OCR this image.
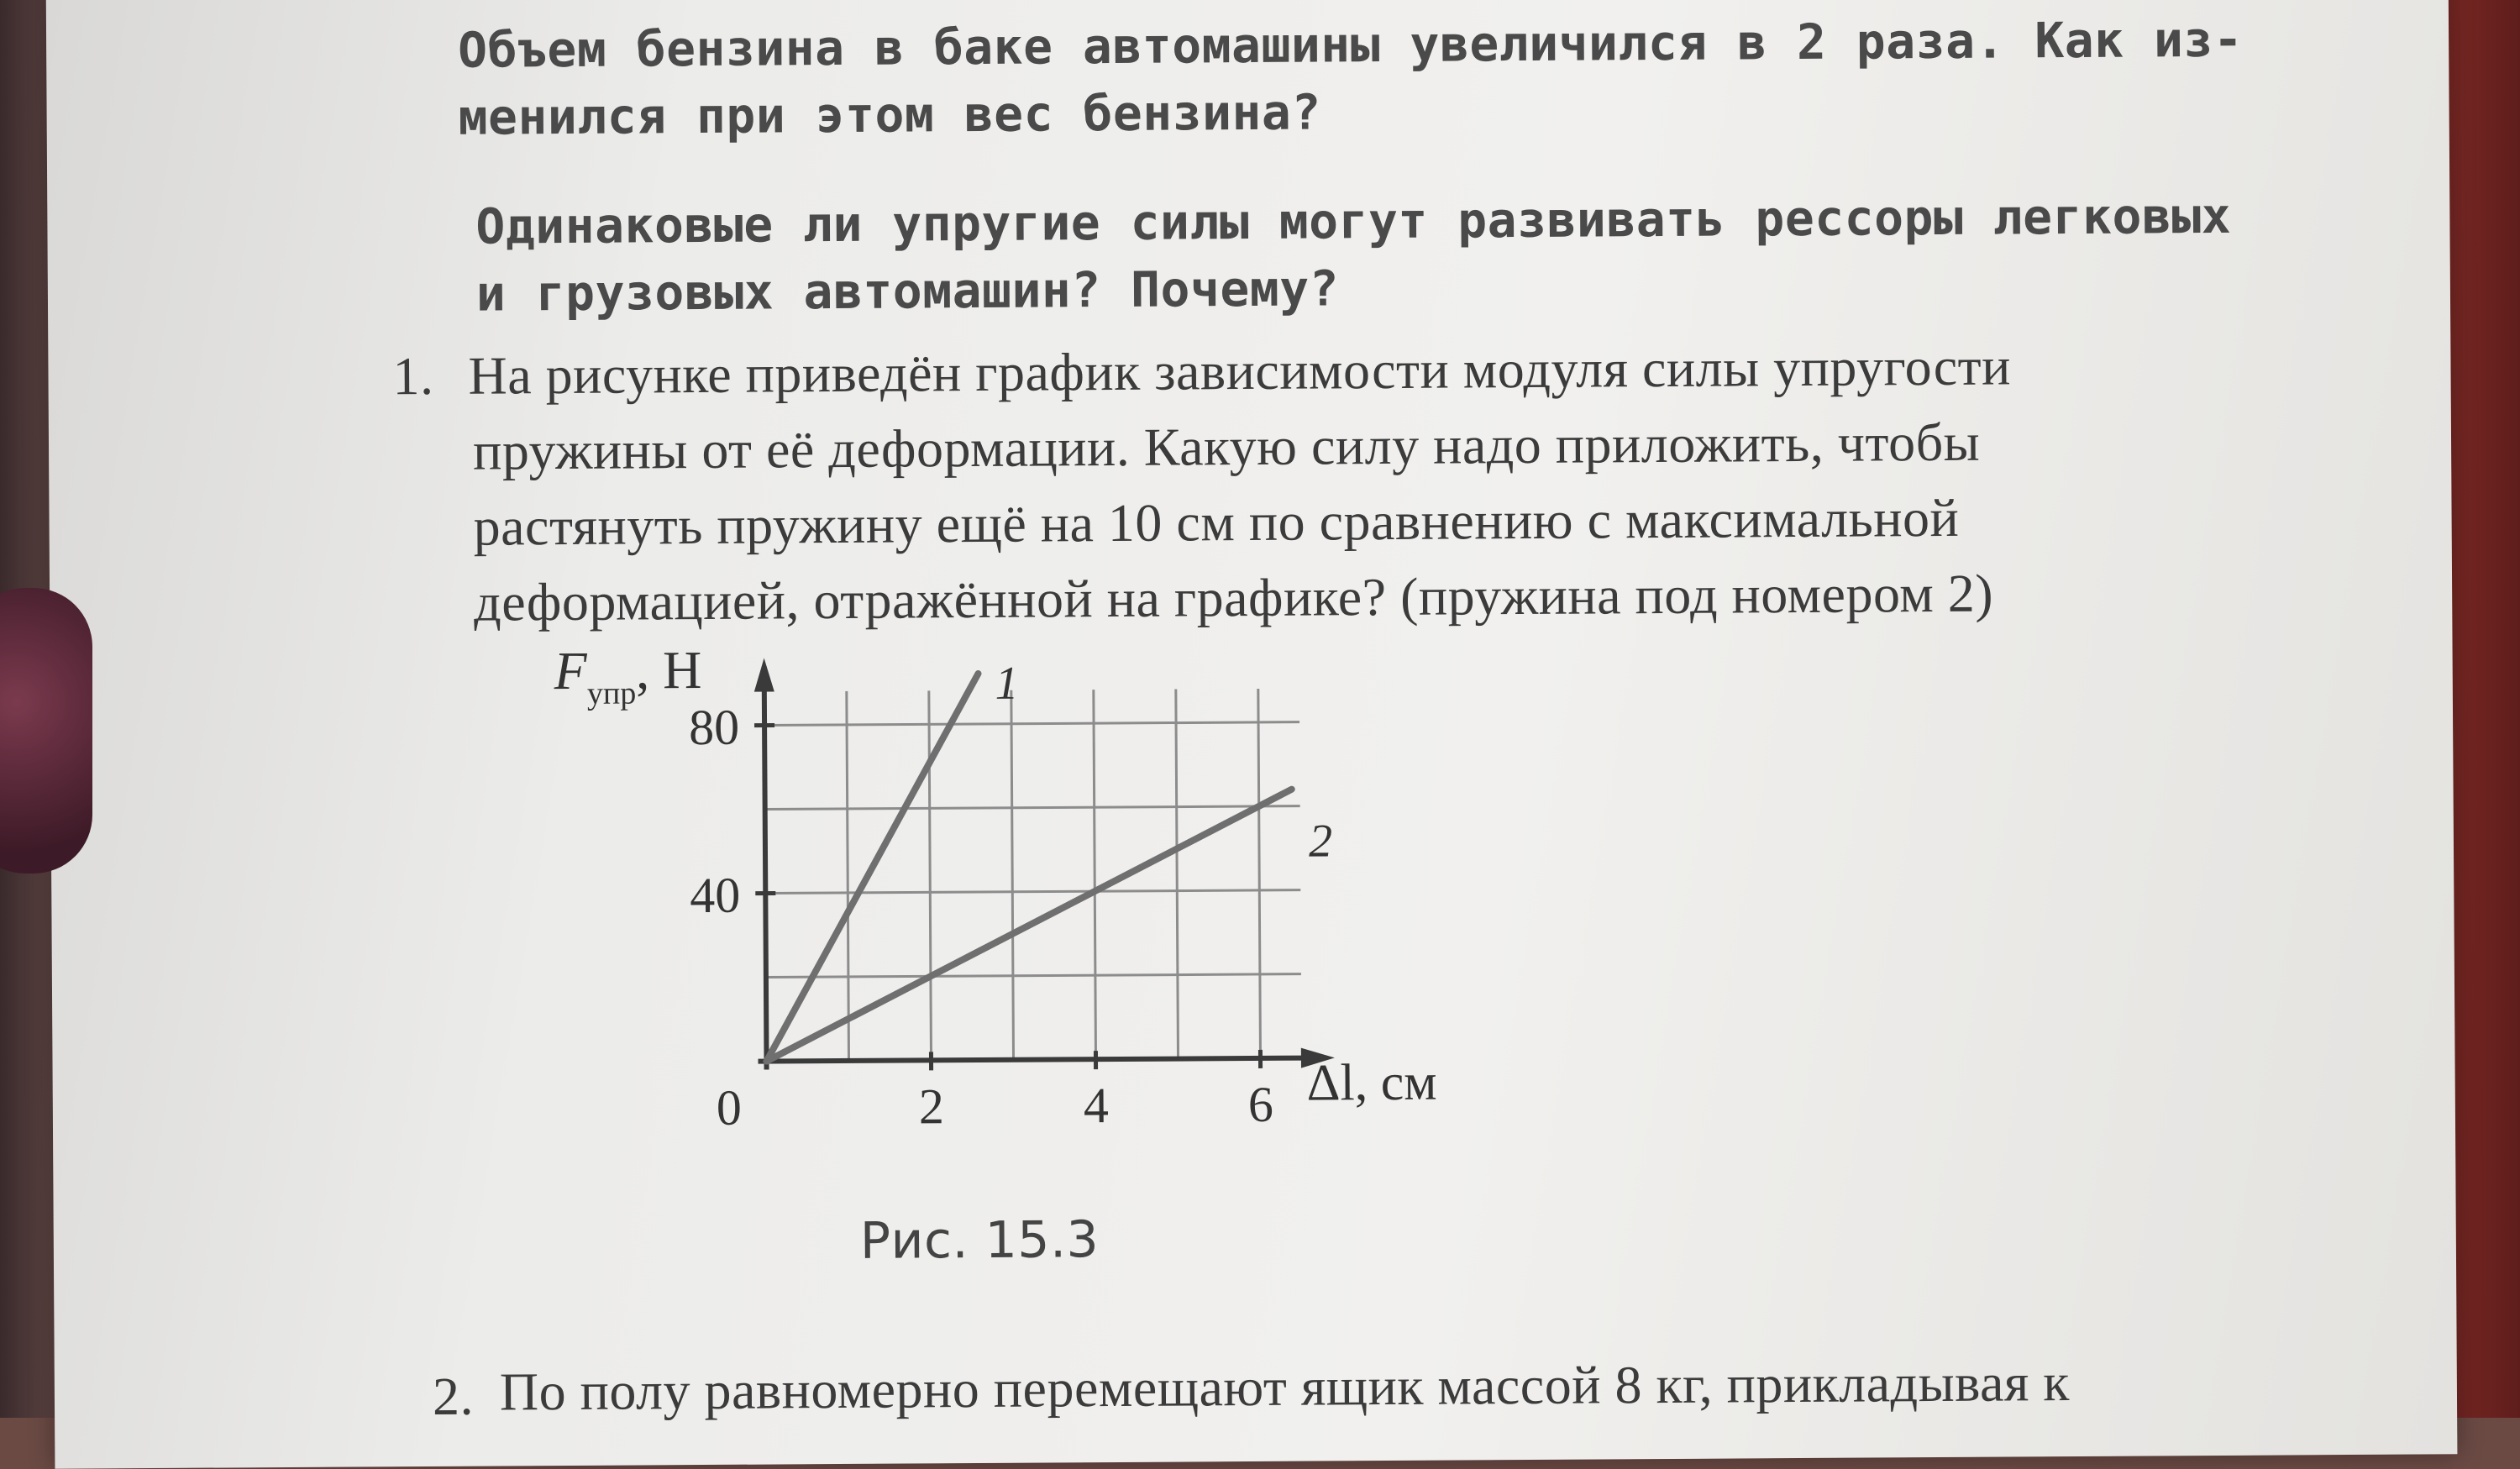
Объем бензина в баке автомашины увеличился в 2 раза. Как из-
менился при этом вес бензина?
Одинаковые ли упругие силы могут развивать рессоры легковых
и грузовых автомашин? Почему?
1. На рисунке приведён график зависимости модуля силы упругости
пружины от её деформации. Какую силу надо приложить, чтобы
растянуть пружину ещё на 10 см по сравнению с максимальной
деформацией, отражённой на графике? (пружина под номером 2)
1
2
2	4	6
40
80
0	Δl, см
$F_{упр}$, Н
Рис. 15.3
2. По полу равномерно перемещают ящик массой 8 кг, прикладывая к
